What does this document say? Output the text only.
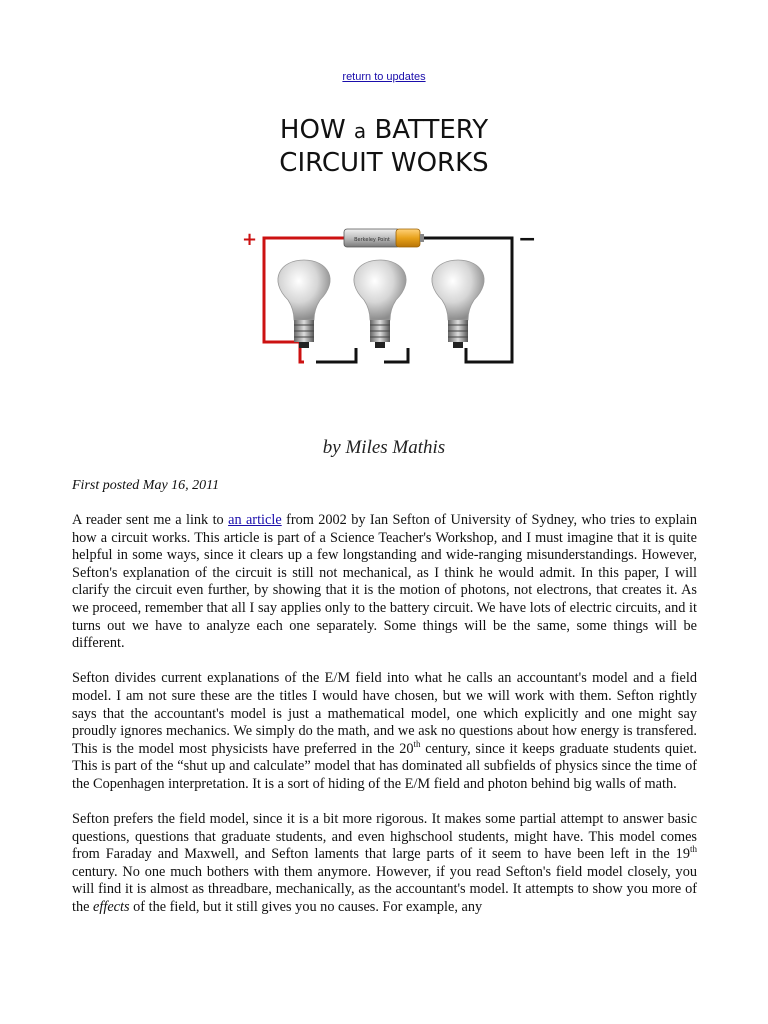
return to updates
HOW a BATTERY
CIRCUIT WORKS
Berkeley Point
+	−
by Miles Mathis
First posted May 16, 2011

A reader sent me a link to an article from 2002 by Ian Sefton of University of Sydney, who tries to explain how a circuit works. This article is part of a Science Teacher's Workshop, and I must imagine that it is quite helpful in some ways, since it clears up a few longstanding and wide-ranging misunderstandings. However, Sefton's explanation of the circuit is still not mechanical, as I think he would admit. In this paper, I will clarify the circuit even further, by showing that it is the motion of photons, not electrons, that creates it. As we proceed, remember that all I say applies only to the battery circuit. We have lots of electric circuits, and it turns out we have to analyze each one separately. Some things will be the same, some things will be different.

Sefton divides current explanations of the E/M field into what he calls an accountant's model and a field model. I am not sure these are the titles I would have chosen, but we will work with them. Sefton rightly says that the accountant's model is just a mathematical model, one which explicitly and one might say proudly ignores mechanics. We simply do the math, and we ask no questions about how energy is transfered. This is the model most physicists have preferred in the 20th century, since it keeps graduate students quiet. This is part of the “shut up and calculate” model that has dominated all subfields of physics since the time of the Copenhagen interpretation. It is a sort of hiding of the E/M field and photon behind big walls of math.

Sefton prefers the field model, since it is a bit more rigorous. It makes some partial attempt to answer basic questions, questions that graduate students, and even highschool students, might have. This model comes from Faraday and Maxwell, and Sefton laments that large parts of it seem to have been left in the 19th century. No one much bothers with them anymore. However, if you read Sefton's field model closely, you will find it is almost as threadbare, mechanically, as the accountant's model. It attempts to show you more of the effects of the field, but it still gives you no causes. For example, any
